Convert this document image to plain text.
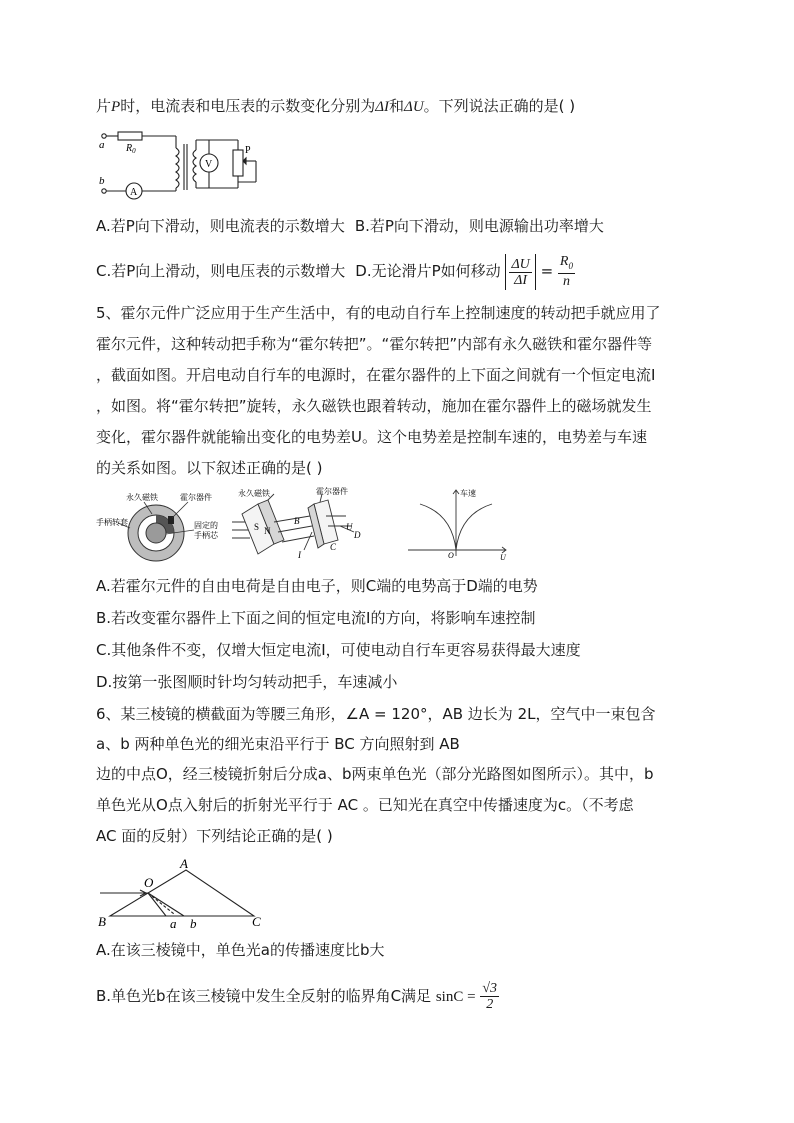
片P时，电流表和电压表的示数变化分别为ΔI和ΔU。下列说法正确的是( )
a
b
$R_0$
V
A
P
A.若P向下滑动，则电流表的示数增大 B.若P向下滑动，则电源输出功率增大
C.若P向上滑动，则电压表的示数增大 D.无论滑片P如何移动 $\frac{\Delta U}{\Delta I} = \frac{R_0}{n}$
5、霍尔元件广泛应用于生产生活中，有的电动自行车上控制速度的转动把手就应用了
霍尔元件，这种转动把手称为“霍尔转把”。“霍尔转把”内部有永久磁铁和霍尔器件等
，截面如图。开启电动自行车的电源时，在霍尔器件的上下面之间就有一个恒定电流I
，如图。将“霍尔转把”旋转，永久磁铁也跟着转动，施加在霍尔器件上的磁场就发生
变化，霍尔器件就能输出变化的电势差U。这个电势差是控制车速的，电势差与车速
的关系如图。以下叙述正确的是( )
永久磁铁	霍尔器件
手柄转套	固定的
手柄芯
永久磁铁	霍尔器件
S N
B
I
C
U
D
车速
O	U
A.若霍尔元件的自由电荷是自由电子，则C端的电势高于D端的电势
B.若改变霍尔器件上下面之间的恒定电流I的方向，将影响车速控制
C.其他条件不变，仅增大恒定电流I，可使电动自行车更容易获得最大速度
D.按第一张图顺时针均匀转动把手，车速减小
6、某三棱镜的横截面为等腰三角形，∠A = 120°，AB 边长为 2L，空气中一束包含
a、b 两种单色光的细光束沿平行于 BC 方向照射到 AB
边的中点O，经三棱镜折射后分成a、b两束单色光（部分光路图如图所示）。其中，b
单色光从O点入射后的折射光平行于 AC 。已知光在真空中传播速度为c。（不考虑
AC 面的反射）下列结论正确的是( )
A
B	C
O
a b
A.在该三棱镜中，单色光a的传播速度比b大
B.单色光b在该三棱镜中发生全反射的临界角C满足 $\sin C = \frac{√3}{2}$
